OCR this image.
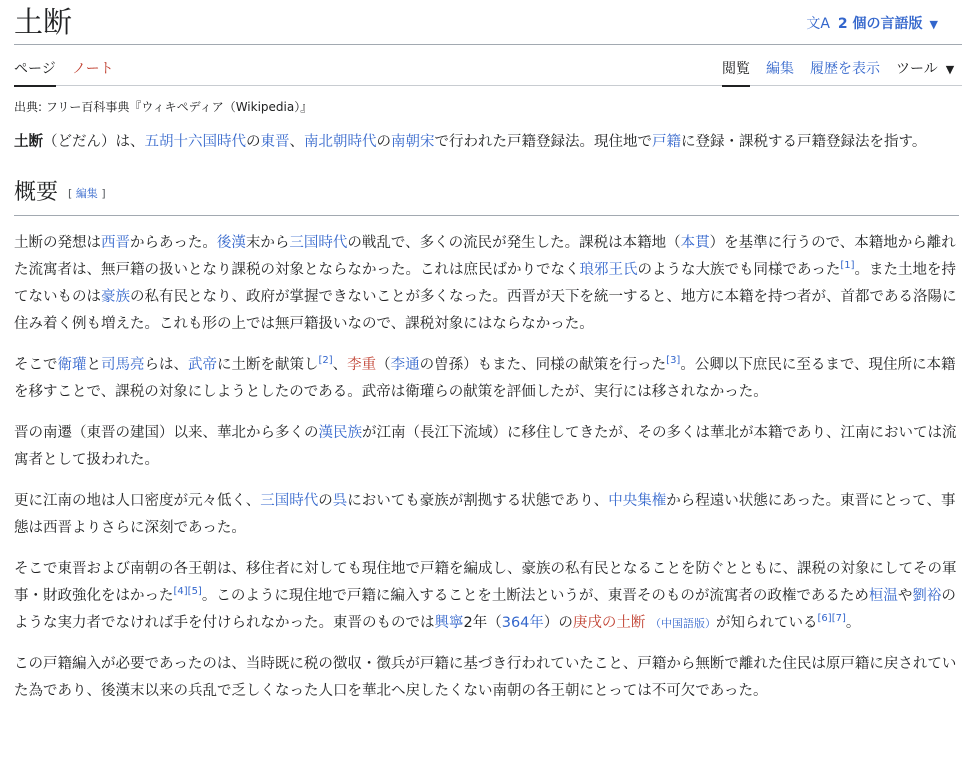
土断	文A 2 個の言語版 ▼
ページ ノート	閲覧 編集 履歴を表示 ツール ▼
出典: フリー百科事典『ウィキペディア（Wikipedia）』

土断（どだん）は、五胡十六国時代の東晋、南北朝時代の南朝宋で行われた戸籍登録法。現住地で戸籍に登録・課税する戸籍登録法を指す。

概要 [ 編集 ]

土断の発想は西晋からあった。後漢末から三国時代の戦乱で、多くの流民が発生した。課税は本籍地（本貫）を基準に行うので、本籍地から離れた流寓者は、無戸籍の扱いとなり課税の対象とならなかった。これは庶民ばかりでなく琅邪王氏のような大族でも同様であった[1]。また土地を持てないものは豪族の私有民となり、政府が掌握できないことが多くなった。西晋が天下を統一すると、地方に本籍を持つ者が、首都である洛陽に住み着く例も増えた。これも形の上では無戸籍扱いなので、課税対象にはならなかった。

そこで衛瓘と司馬亮らは、武帝に土断を献策し[2]、李重（李通の曽孫）もまた、同様の献策を行った[3]。公卿以下庶民に至るまで、現住所に本籍を移すことで、課税の対象にしようとしたのである。武帝は衛瓘らの献策を評価したが、実行には移されなかった。

晋の南遷（東晋の建国）以来、華北から多くの漢民族が江南（長江下流域）に移住してきたが、その多くは華北が本籍であり、江南においては流寓者として扱われた。

更に江南の地は人口密度が元々低く、三国時代の呉においても豪族が割拠する状態であり、中央集権から程遠い状態にあった。東晋にとって、事態は西晋よりさらに深刻であった。

そこで東晋および南朝の各王朝は、移住者に対しても現住地で戸籍を編成し、豪族の私有民となることを防ぐとともに、課税の対象にしてその軍事・財政強化をはかった[4][5]。このように現住地で戸籍に編入することを土断法というが、東晋そのものが流寓者の政権であるため桓温や劉裕のような実力者でなければ手を付けられなかった。東晋のものでは興寧2年（364年）の庚戌の土断 （中国語版）が知られている[6][7]。

この戸籍編入が必要であったのは、当時既に税の徴収・徴兵が戸籍に基づき行われていたこと、戸籍から無断で離れた住民は原戸籍に戻されていた為であり、後漢末以来の兵乱で乏しくなった人口を華北へ戻したくない南朝の各王朝にとっては不可欠であった。
